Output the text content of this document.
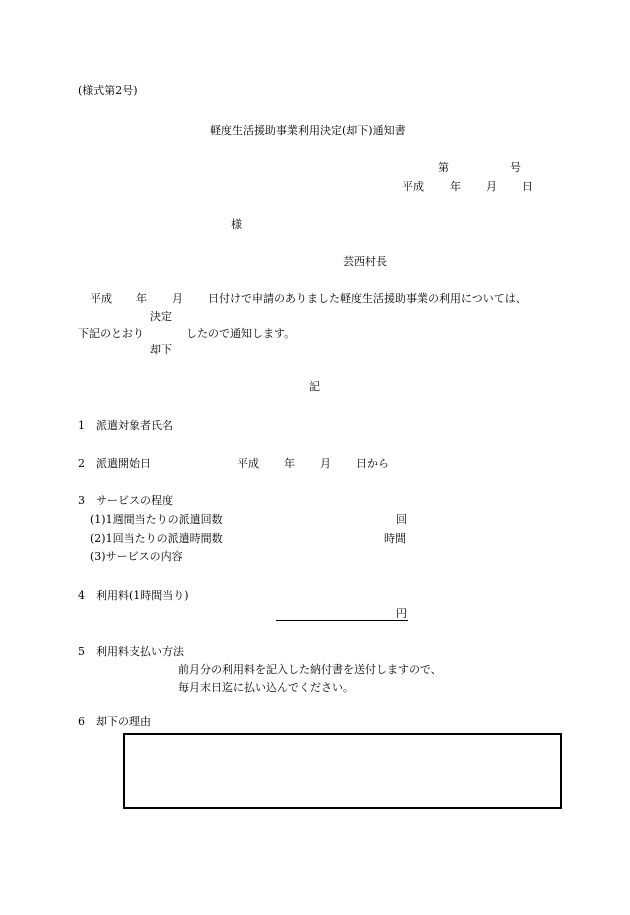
(様式第2号)
軽度生活援助事業利用決定(却下)通知書
第	号
平成 年 月 日
様
芸西村長
平成 年 月 日付けで申請のありました軽度生活援助事業の利用については、
決定
下記のとおり	したので通知します。
却下
記
1 派遣対象者氏名
2 派遣開始日	平成 年 月 日から
3 サービスの程度
(1)1週間当たりの派遣回数	回
(2)1回当たりの派遣時間数	時間
(3)サービスの内容
4 利用料(1時間当り)
円
5 利用料支払い方法
前月分の利用料を記入した納付書を送付しますので、
毎月末日迄に払い込んでください。
6 却下の理由
